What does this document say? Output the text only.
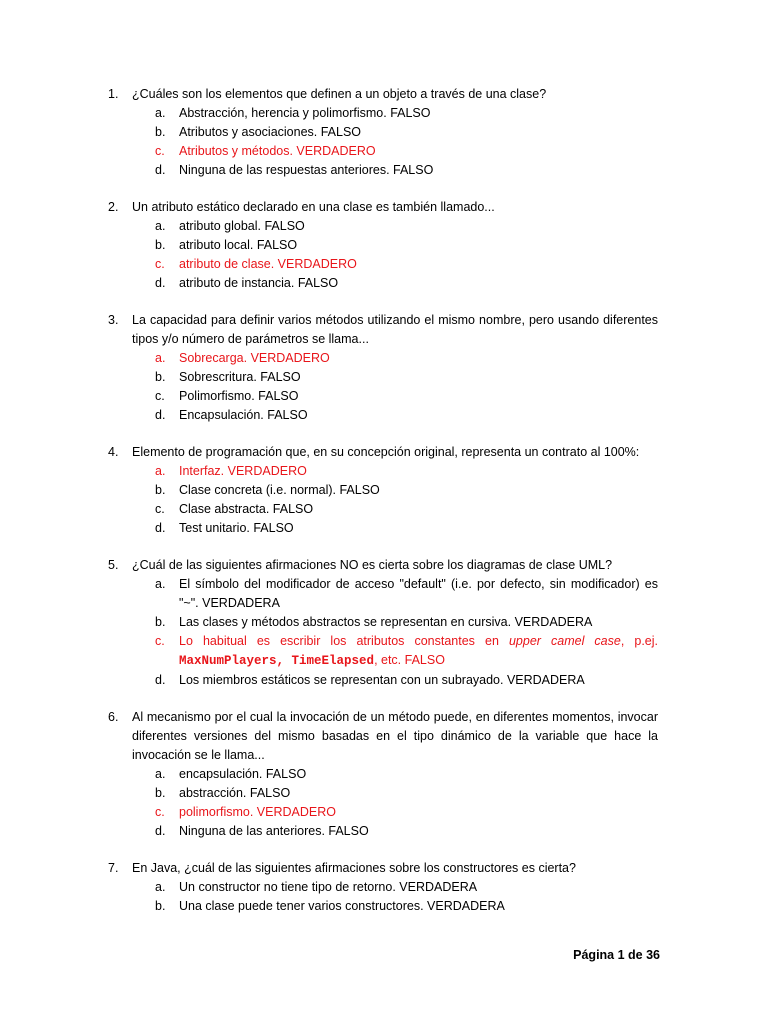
1.	¿Cuáles son los elementos que definen a un objeto a través de una clase?
a.	Abstracción, herencia y polimorfismo. FALSO
b.	Atributos y asociaciones. FALSO
c.	Atributos y métodos. VERDADERO
d.	Ninguna de las respuestas anteriores. FALSO
2.	Un atributo estático declarado en una clase es también llamado...
a.	atributo global. FALSO
b.	atributo local. FALSO
c.	atributo de clase. VERDADERO
d.	atributo de instancia. FALSO
3.	La capacidad para definir varios métodos utilizando el mismo nombre, pero usando diferentes tipos y/o número de parámetros se llama...
a.	Sobrecarga. VERDADERO
b.	Sobrescritura. FALSO
c.	Polimorfismo. FALSO
d.	Encapsulación. FALSO
4.	Elemento de programación que, en su concepción original, representa un contrato al 100%:
a.	Interfaz. VERDADERO
b.	Clase concreta (i.e. normal). FALSO
c.	Clase abstracta. FALSO
d.	Test unitario. FALSO
5.	¿Cuál de las siguientes afirmaciones NO es cierta sobre los diagramas de clase UML?
a.	El símbolo del modificador de acceso "default" (i.e. por defecto, sin modificador) es "~". VERDADERA
b.	Las clases y métodos abstractos se representan en cursiva. VERDADERA
c.	Lo habitual es escribir los atributos constantes en upper camel case, p.ej. MaxNumPlayers, TimeElapsed, etc. FALSO
d.	Los miembros estáticos se representan con un subrayado. VERDADERA
6.	Al mecanismo por el cual la invocación de un método puede, en diferentes momentos, invocar diferentes versiones del mismo basadas en el tipo dinámico de la variable que hace la invocación se le llama...
a.	encapsulación. FALSO
b.	abstracción. FALSO
c.	polimorfismo. VERDADERO
d.	Ninguna de las anteriores. FALSO
7.	En Java, ¿cuál de las siguientes afirmaciones sobre los constructores es cierta?
a.	Un constructor no tiene tipo de retorno. VERDADERA
b.	Una clase puede tener varios constructores. VERDADERA
Página 1 de 36
